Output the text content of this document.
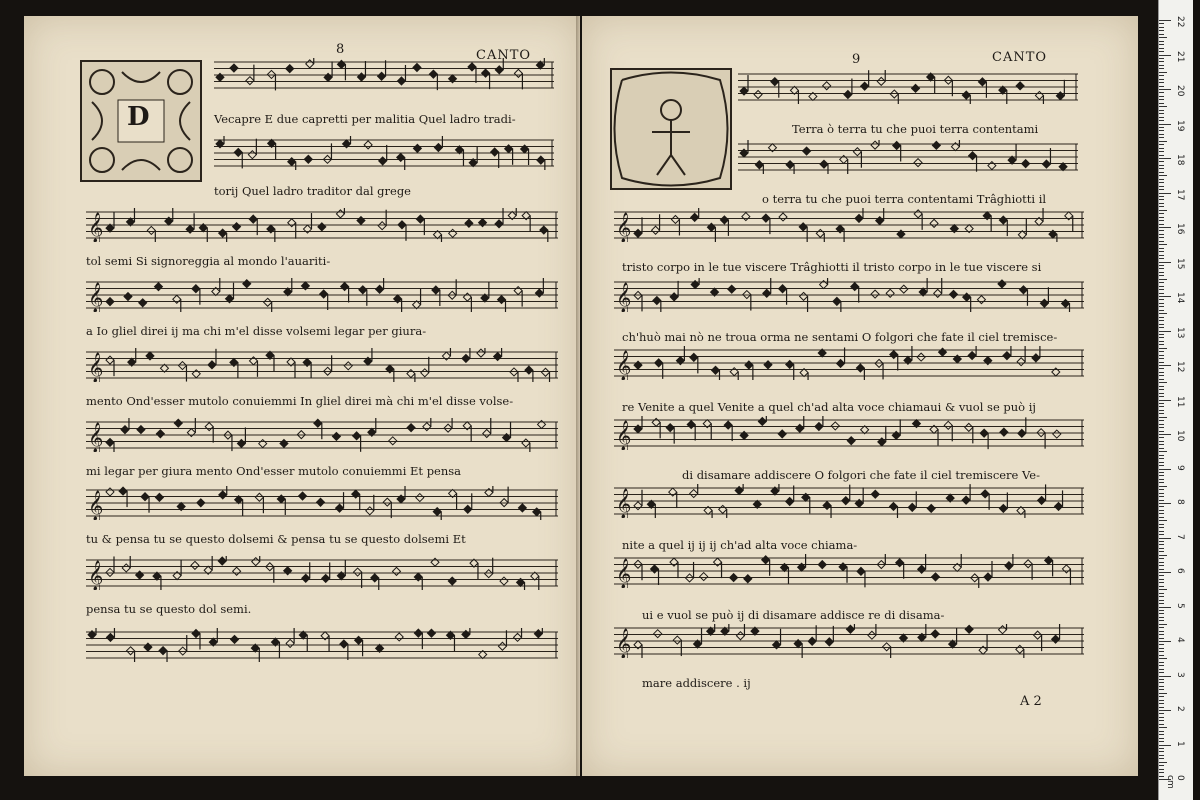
CANTO
8
D
𝄞
𝄞
𝄞
𝄞
𝄞
𝄞
Vecapre E due capretti per malitia Quel ladro tradi-
torij Quel ladro traditor dal grege
tol semi Si signoreggia al mondo l'auariti-
a Io gliel direi ij ma chi m'el disse volsemi legar per giura-
mento Ond'esser mutolo conuiemmi In gliel direi mà chi m'el disse volse-
mi legar per giura mento Ond'esser mutolo conuiemmi Et pensa
tu & pensa tu se questo dolsemi & pensa tu se questo dolsemi Et
pensa tu se questo dol semi.
CANTO
9
𝄞
𝄞
𝄞
𝄞
𝄞
𝄞
𝄞
Terra ò terra tu che puoi terra contentami
o terra tu che puoi terra contentami Trâghiotti il
tristo corpo in le tue viscere Trâghiotti il tristo corpo in le tue viscere si
ch'huò mai nò ne troua orma ne sentami O folgori che fate il ciel tremisce-
re Venite a quel Venite a quel ch'ad alta voce chiamaui & vuol se può ij
di disamare addiscere O folgori che fate il ciel tremiscere Ve-
nite a quel ij ij ij ch'ad alta voce chiama-
ui e vuol se può ij di disamare addisce re di disama-
mare addiscere . ij
A 2
22
21
20
19
18
17
16
15
14
13
12
11
10
9
8
7
6
5
4
3
2
1
0 cm
